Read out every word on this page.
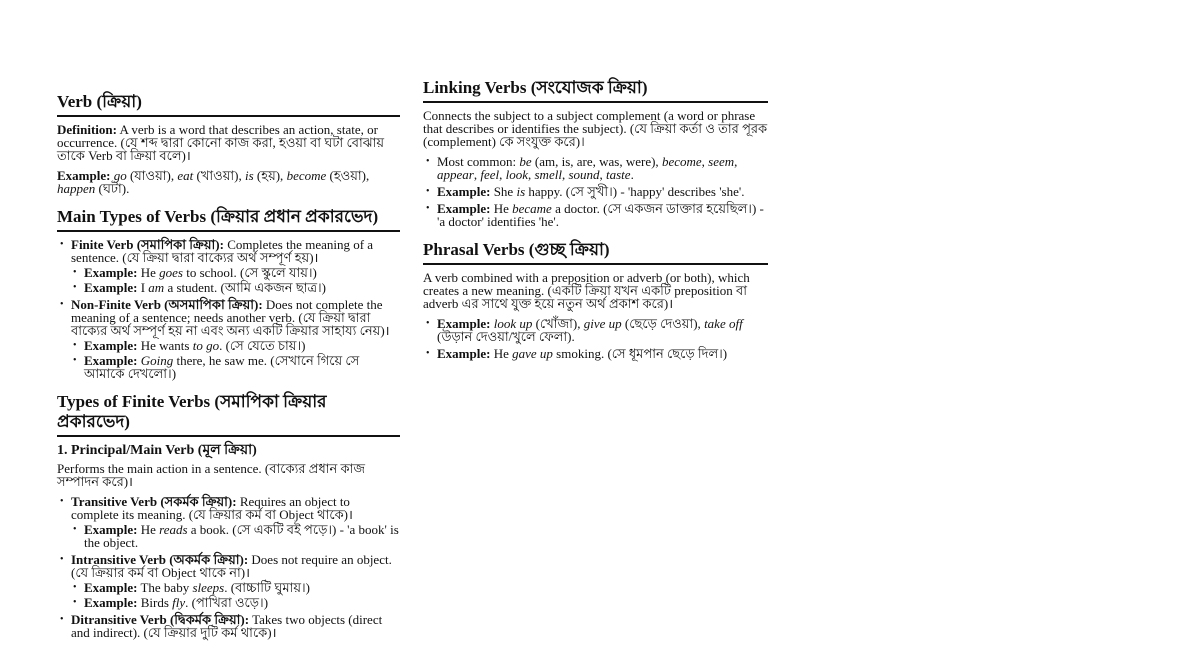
Verb (ক্রিয়া)

Definition: A verb is a word that describes an action, state, or occurrence. (যে শব্দ দ্বারা কোনো কাজ করা, হওয়া বা ঘটা বোঝায় তাকে Verb বা ক্রিয়া বলে)।

Example: go (যাওয়া), eat (খাওয়া), is (হয়), become (হওয়া), happen (ঘটা).

Main Types of Verbs (ক্রিয়ার প্রধান প্রকারভেদ)
• Finite Verb (সমাপিকা ক্রিয়া): Completes the meaning of a sentence. (যে ক্রিয়া দ্বারা বাক্যের অর্থ সম্পূর্ণ হয়)।
• Example: He goes to school. (সে স্কুলে যায়।)
• Example: I am a student. (আমি একজন ছাত্র।)
• Non-Finite Verb (অসমাপিকা ক্রিয়া): Does not complete the meaning of a sentence; needs another verb. (যে ক্রিয়া দ্বারা বাক্যের অর্থ সম্পূর্ণ হয় না এবং অন্য একটি ক্রিয়ার সাহায্য নেয়)।
• Example: He wants to go. (সে যেতে চায়।)
• Example: Going there, he saw me. (সেখানে গিয়ে সে আমাকে দেখলো।)
Types of Finite Verbs (সমাপিকা ক্রিয়ার প্রকারভেদ)
1. Principal/Main Verb (মূল ক্রিয়া)

Performs the main action in a sentence. (বাক্যের প্রধান কাজ সম্পাদন করে)।

• Transitive Verb (সকর্মক ক্রিয়া): Requires an object to complete its meaning. (যে ক্রিয়ার কর্ম বা Object থাকে)।
• Example: He reads a book. (সে একটি বই পড়ে।) - 'a book' is the object.
• Intransitive Verb (অকর্মক ক্রিয়া): Does not require an object. (যে ক্রিয়ার কর্ম বা Object থাকে না)।
• Example: The baby sleeps. (বাচ্চাটি ঘুমায়।)
• Example: Birds fly. (পাখিরা ওড়ে।)
• Ditransitive Verb (দ্বিকর্মক ক্রিয়া): Takes two objects (direct and indirect). (যে ক্রিয়ার দুটি কর্ম থাকে)।
Linking Verbs (সংযোজক ক্রিয়া)

Connects the subject to a subject complement (a word or phrase that describes or identifies the subject). (যে ক্রিয়া কর্তা ও তার পূরক (complement) কে সংযুক্ত করে)।

• Most common: be (am, is, are, was, were), become, seem, appear, feel, look, smell, sound, taste.
• Example: She is happy. (সে সুখী।) - 'happy' describes 'she'.
• Example: He became a doctor. (সে একজন ডাক্তার হয়েছিল।) - 'a doctor' identifies 'he'.
Phrasal Verbs (গুচ্ছ ক্রিয়া)

A verb combined with a preposition or adverb (or both), which creates a new meaning. (একটি ক্রিয়া যখন একটি preposition বা adverb এর সাথে যুক্ত হয়ে নতুন অর্থ প্রকাশ করে)।

• Example: look up (খোঁজা), give up (ছেড়ে দেওয়া), take off (উড়ান দেওয়া/খুলে ফেলা).
• Example: He gave up smoking. (সে ধূমপান ছেড়ে দিল।)
